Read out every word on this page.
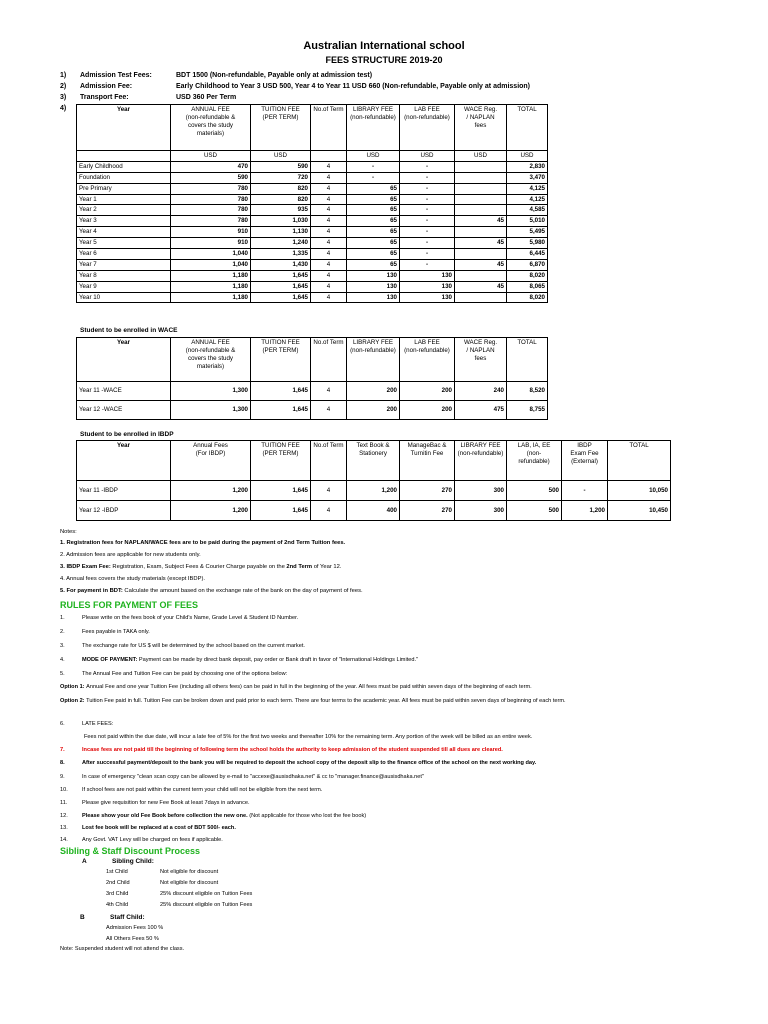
Australian International school
FEES STRUCTURE 2019-20
1) Admission Test Fees:	BDT 1500 (Non-refundable, Payable only at admission test)
2) Admission Fee:	Early Childhood to Year 3 USD 500, Year 4 to Year 11 USD 660 (Non-refundable, Payable only at admission)
3) Transport Fee:	USD 360 Per Term
4)	Year	ANNUAL FEE
(non-refundable &
covers the study
materials)	TUITION FEE
(PER TERM)	No.of Term	LIBRARY FEE
(non-refundable)	LAB FEE
(non-refundable)	WACE Reg.
/ NAPLAN
fees	TOTAL
	USD	USD		USD	USD	USD	USD
Early Childhood	470	590	4	-	-		2,830
Foundation	590	720	4	-	-		3,470
Pre Primary	780	820	4	65	-		4,125
Year 1	780	820	4	65	-		4,125
Year 2	780	935	4	65	-		4,585
Year 3	780	1,030	4	65	-	45	5,010
Year 4	910	1,130	4	65	-		5,495
Year 5	910	1,240	4	65	-	45	5,980
Year 6	1,040	1,335	4	65	-		6,445
Year 7	1,040	1,430	4	65	-	45	6,870
Year 8	1,180	1,645	4	130	130		8,020
Year 9	1,180	1,645	4	130	130	45	8,065
Year 10	1,180	1,645	4	130	130		8,020
Student to be enrolled in WACE
Year	ANNUAL FEE
(non-refundable &
covers the study
materials)	TUITION FEE
(PER TERM)	No.of Term	LIBRARY FEE
(non-refundable)	LAB FEE
(non-refundable)	WACE Reg.
/ NAPLAN
fees	TOTAL
Year 11 -WACE	1,300	1,645	4	200	200	240	8,520
Year 12 -WACE	1,300	1,645	4	200	200	475	8,755
Student to be enrolled in IBDP
Year	Annual Fees
(For IBDP)	TUITION FEE
(PER TERM)	No.of Term	Text Book &
Stationery	ManageBac &
Turnitin Fee	LIBRARY FEE
(non-refundable)	LAB, IA, EE
(non-
refundable)	IBDP
Exam Fee
(External)	TOTAL
Year 11 -IBDP	1,200	1,645	4	1,200	270	300	500	-	10,050
Year 12 -IBDP	1,200	1,645	4	400	270	300	500	1,200	10,450
Notes:
1. Registration fees for NAPLAN/WACE fees are to be paid during the payment of 2nd Term Tuition fees.
2. Admission fees are applicable for new students only.
3. IBDP Exam Fee: Registration, Exam, Subject Fees & Courier Charge payable on the 2nd Term of Year 12.
4. Annual fees covers the study materials (except IBDP).
5. For payment in BDT: Calculate the amount based on the exchange rate of the bank on the day of payment of fees.
RULES FOR PAYMENT OF FEES
1.	Please write on the fees book of your Child's Name, Grade Level & Student ID Number.
2.	Fees payable in TAKA only.
3.	The exchange rate for US $ will be determined by the school based on the current market.
4.	MODE OF PAYMENT: Payment can be made by direct bank deposit, pay order or Bank draft in favor of "International Holdings Limited."
5.	The Annual Fee and Tuition Fee can be paid by choosing one of the options below:
Option 1: Annual Fee and one year Tuition Fee (including all others fees) can be paid in full in the beginning of the year. All fees must be paid within seven days of the beginning of each term.
Option 2: Tuition Fee paid in full. Tuition Fee can be broken down and paid prior to each term. There are four terms to the academic year. All fees must be paid within seven days of beginning of each term.
6.	LATE FEES:
Fees not paid within the due date, will incur a late fee of 5% for the first two weeks and thereafter 10% for the remaining term. Any portion of the week will be billed as an entire week.
7.	Incase fees are not paid till the beginning of following term the school holds the authority to keep admission of the student suspended till all dues are cleared.
8.	After successful payment/deposit to the bank you will be required to deposit the school copy of the deposit slip to the finance office of the school on the next working day.
9.	In case of emergency "clean scan copy can be allowed by e-mail to "accexe@ausisdhaka.net" & cc to "manager.finance@ausisdhaka.net"
10.	If school fees are not paid within the current term your child will not be eligible from the next term.
11.	Please give requisition for new Fee Book at least 7days in advance.
12.	Please show your old Fee Book before collection the new one. (Not applicable for those who lost the fee book)
13.	Lost fee book will be replaced at a cost of BDT 500/- each.
14.	Any Govt. VAT Levy will be charged on fees if applicable.
Sibling & Staff Discount Process
A	Sibling Child:
1st Child	Not eligible for discount
2nd Child	Not eligible for discount
3rd Child	25% discount eligible on Tuition Fees
4th Child	25% discount eligible on Tuition Fees
B	Staff Child:
Admission Fees 100 %
All Others Fees 50 %
Note: Suspended student will not attend the class.
